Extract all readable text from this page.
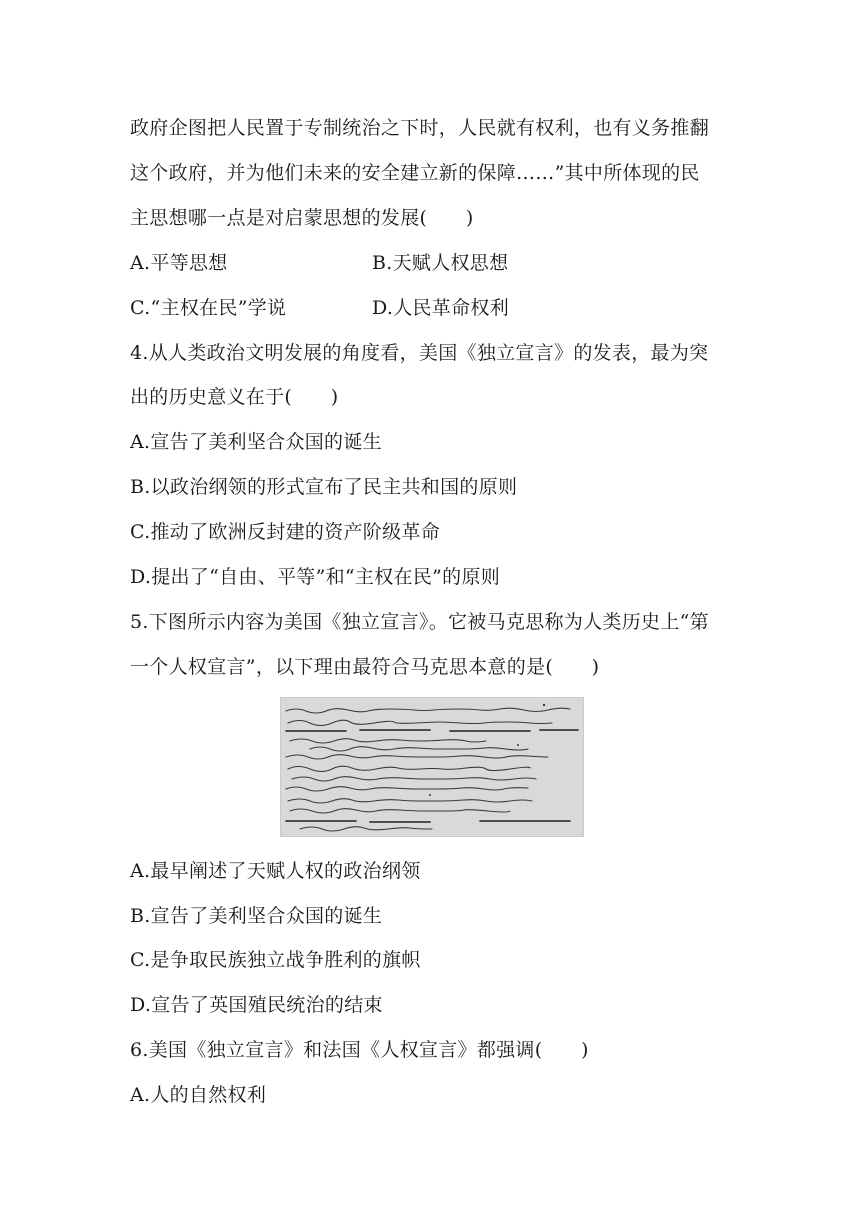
政府企图把人民置于专制统治之下时，人民就有权利，也有义务推翻
这个政府，并为他们未来的安全建立新的保障……”其中所体现的民
主思想哪一点是对启蒙思想的发展(　　)
A.平等思想	B.天赋人权思想
C.“主权在民”学说	D.人民革命权利
4.从人类政治文明发展的角度看，美国《独立宣言》的发表，最为突
出的历史意义在于(　　)
A.宣告了美利坚合众国的诞生
B.以政治纲领的形式宣布了民主共和国的原则
C.推动了欧洲反封建的资产阶级革命
D.提出了“自由、平等”和“主权在民”的原则
5.下图所示内容为美国《独立宣言》。它被马克思称为人类历史上“第
一个人权宣言”，以下理由最符合马克思本意的是(　　)
A.最早阐述了天赋人权的政治纲领
B.宣告了美利坚合众国的诞生
C.是争取民族独立战争胜利的旗帜
D.宣告了英国殖民统治的结束
6.美国《独立宣言》和法国《人权宣言》都强调(　　)
A.人的自然权利
